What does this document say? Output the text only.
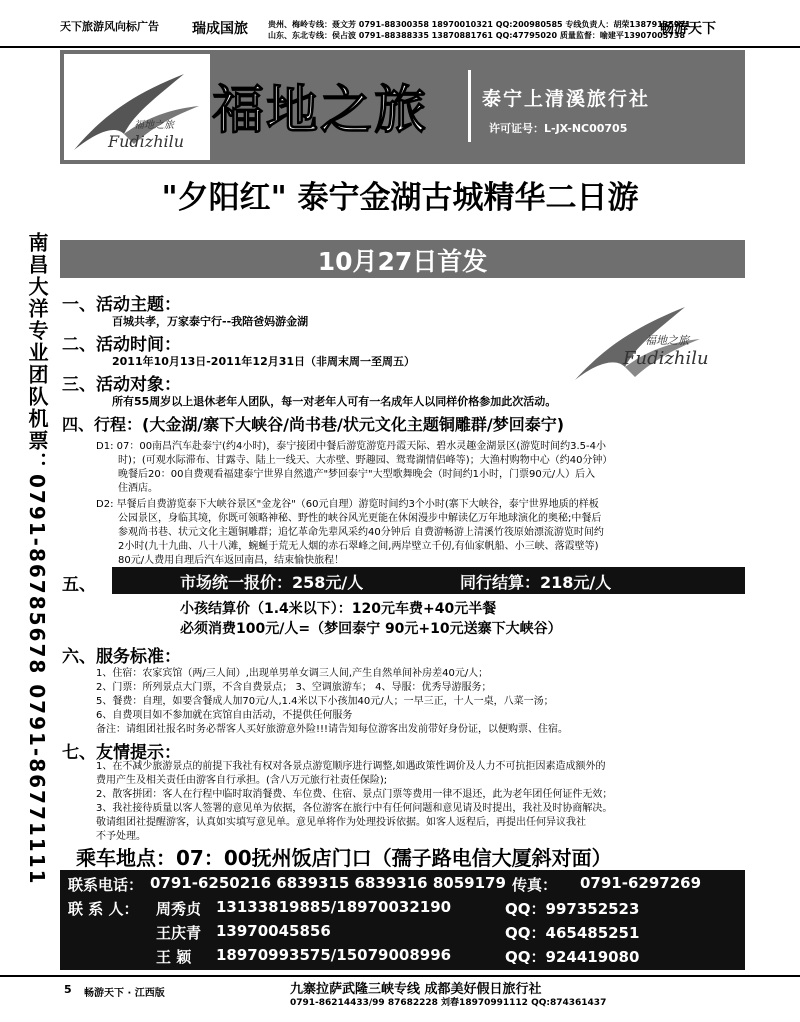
天下旅游风向标广告 瑞成国旅	贵州、梅岭专线：聂文芳 0791-88300358 18970010321 QQ:200980585 专线负责人：胡荣13879135921
山东、东北专线：侯占波 0791-88388335 13870881761 QQ:47795020 质量监督：喻建平13907005738
畅游天下
福地之旅
Fudizhilu
福地之旅	泰宁上清溪旅行社
许可证号：L-JX-NC00705
"夕阳红" 泰宁金湖古城精华二日游
10月27日首发
南昌大洋专业团队机票：0791-86785678 0791-86771111 一、活动主题：
百城共孝，万家泰宁行--我陪爸妈游金湖
二、活动时间：
2011年10月13日-2011年12月31日（非周末周一至周五）
三、活动对象：
所有55周岁以上退休老年人团队，每一对老年人可有一名成年人以同样价格参加此次活动。
福地之旅
Fudizhilu
四、行程：(大金湖/寨下大峡谷/尚书巷/状元文化主题铜雕群/梦回泰宁)
D1: 07：00南昌汽车赴泰宁(约4小时)，泰宁接团中餐后游览游览丹霞天际、碧水灵趣金湖景区(游览时间约3.5-4小
时)；(可观水际滞布、甘露寺、陆上一线天、大赤壁、野趣园、鸳鸯湖情侣峰等)；大渔村购物中心（约40分钟）
晚餐后20：00自费观看福建泰宁世界自然遗产"梦回泰宁"大型歌舞晚会（时间约1小时，门票90元/人）后入
住酒店。
D2: 早餐后自费游览泰下大峡谷景区"金龙谷"（60元自理）游览时间约3个小时(寨下大峡谷，泰宁世界地质的样板
公园景区，身临其境，你既可领略神秘、野性的峡谷风光更能在休闲漫步中解读亿万年地球演化的奥秘;中餐后
参观尚书巷、状元文化主题铜雕群；追忆革命先辈风采约40分钟后 自费游畅游上清溪竹筏原始漂流游览时间约
2小时(九十九曲、八十八滩，蜿蜒于荒无人烟的赤石翠峰之间,两岸壁立千仞,有仙家帆船、小三峡、落霞壁等)
80元/人费用自理后汽车返回南昌，结束愉快旅程！
五、	市场统一报价：258元/人	同行结算：218元/人
小孩结算价（1.4米以下）：120元车费+40元半餐
必须消费100元/人=（梦回泰宁 90元+10元送寨下大峡谷）
六、服务标准：
1、住宿：农家宾馆（两/三人间）,出现单男单女调三人间,产生自然单间补房差40元/人；
2、门票：所列景点大门票，不含自费景点； 3、空调旅游车； 4、导服：优秀导游服务；
5、餐费：自理，如要含餐成人加70元/人,1.4米以下小孩加40元/人；一早三正，十人一桌，八菜一汤；
6、自费项目如不参加就在宾馆自由活动，不提供任何服务
备注：请组团社报名时务必帮客人买好旅游意外险!!!请告知每位游客出发前带好身份证，以便购票、住宿。
七、友情提示：
1、在不减少旅游景点的前提下我社有权对各景点游览顺序进行调整,如遇政策性调价及人力不可抗拒因素造成额外的
费用产生及相关责任由游客自行承担。(含八万元旅行社责任保险);
2、散客拼团：客人在行程中临时取消餐费、车位费、住宿、景点门票等费用一律不退还，此为老年团任何证件无效；
3、我社接待质量以客人签署的意见单为依据，各位游客在旅行中有任何问题和意见请及时提出，我社及时协商解决。
敬请组团社提醒游客，认真如实填写意见单。意见单将作为处理投诉依据。如客人返程后，再提出任何异议我社
不予处理。
乘车地点：07：00抚州饭店门口（孺子路电信大厦斜对面）
联系电话： 0791-6250216 6839315 6839316 8059179 传真： 0791-6297269
联 系 人： 周秀贞 13133819885/18970032190	QQ：997352523
王庆青 13970045856	QQ：465485251
王 颖 18970993575/15079008996	QQ：924419080
5 畅游天下 · 江西版	九寨拉萨武隆三峡专线 成都美好假日旅行社
0791-86214433/99 87682228 刘春18970991112 QQ:874361437
